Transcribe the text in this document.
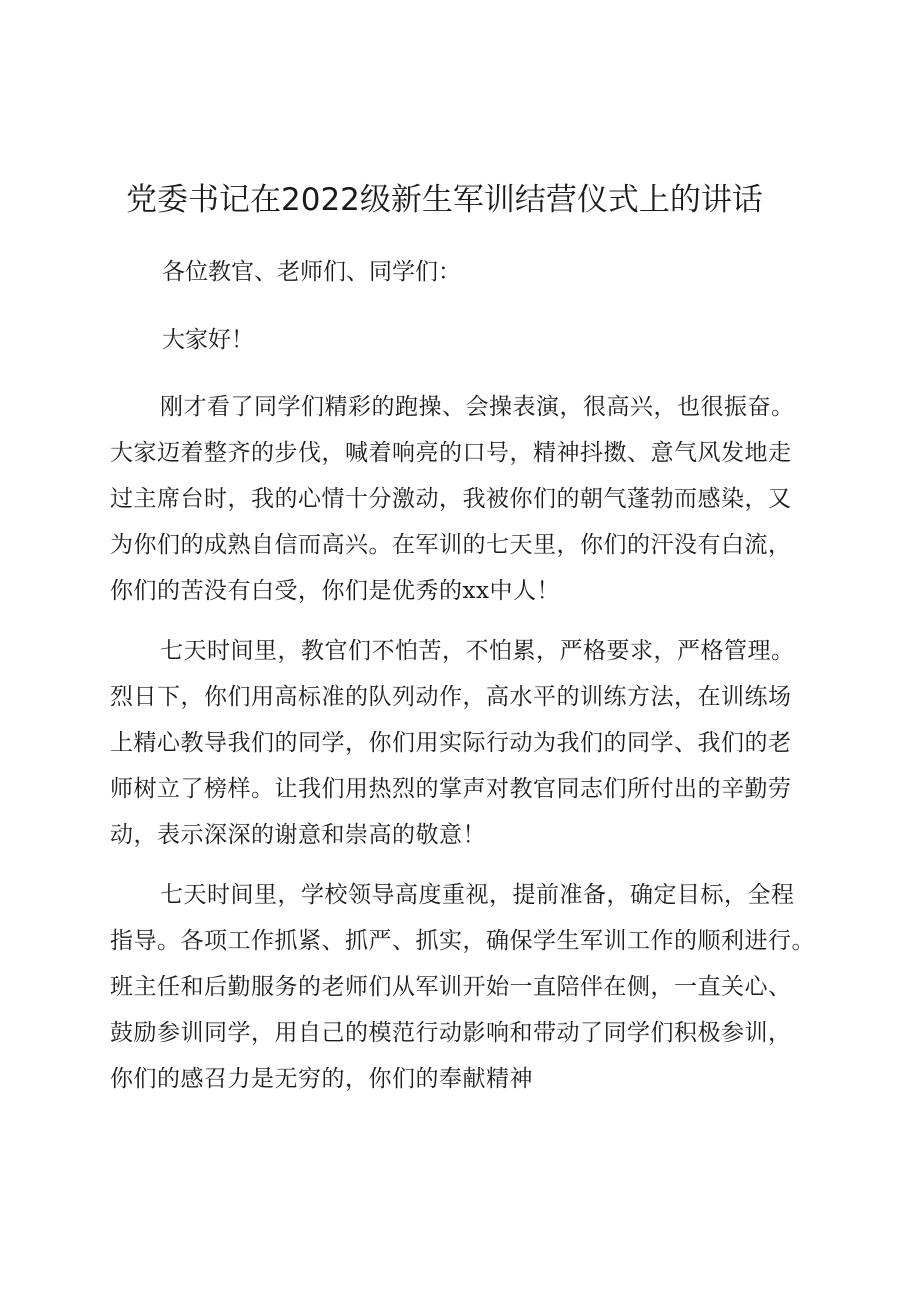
党委书记在2022级新生军训结营仪式上的讲话

各位教官、老师们、同学们：

大家好！

刚才看了同学们精彩的跑操、会操表演，很高兴，也很振奋。
大家迈着整齐的步伐，喊着响亮的口号，精神抖擞、意气风发地走
过主席台时，我的心情十分激动，我被你们的朝气蓬勃而感染，又
为你们的成熟自信而高兴。在军训的七天里，你们的汗没有白流，
你们的苦没有白受，你们是优秀的xx中人！
七天时间里，教官们不怕苦，不怕累，严格要求，严格管理。
烈日下，你们用高标准的队列动作，高水平的训练方法，在训练场
上精心教导我们的同学，你们用实际行动为我们的同学、我们的老
师树立了榜样。让我们用热烈的掌声对教官同志们所付出的辛勤劳
动，表示深深的谢意和崇高的敬意！
七天时间里，学校领导高度重视，提前准备，确定目标，全程
指导。各项工作抓紧、抓严、抓实，确保学生军训工作的顺利进行。
班主任和后勤服务的老师们从军训开始一直陪伴在侧，一直关心、
鼓励参训同学，用自己的模范行动影响和带动了同学们积极参训，
你们的感召力是无穷的，你们的奉献精神
